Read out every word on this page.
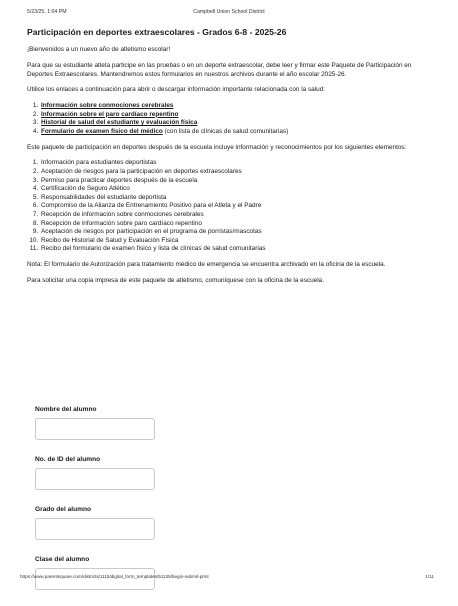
5/23/25, 1:04 PM	Campbell Union School District
Participación en deportes extraescolares - Grados 6-8 - 2025-26

¡Bienvenidos a un nuevo año de atletismo escolar!

Para que su estudiante atleta participe en las pruebas o en un deporte extraescolar, debe leer y firmar este Paquete de Participación en Deportes Extraescolares. Mantendremos estos formularios en nuestros archivos durante el año escolar 2025-26.

Utilice los enlaces a continuación para abrir o descargar información importante relacionada con la salud:

1. Información sobre conmociones cerebrales
2. Información sobre el paro cardíaco repentino
3. Historial de salud del estudiante y evaluación física
4. Formulario de examen físico del médico (con lista de clínicas de salud comunitarias)

Este paquete de participación en deportes después de la escuela incluye información y reconocimientos por los siguientes elementos:

1. Información para estudiantes deportistas
2. Aceptación de riesgos para la participación en deportes extraescolares
3. Permiso para practicar deportes después de la escuela
4. Certificación de Seguro Atlético
5. Responsabilidades del estudiante deportista
6. Compromiso de la Alianza de Entrenamiento Positivo para el Atleta y el Padre
7. Recepción de información sobre conmociones cerebrales
8. Recepción de información sobre paro cardíaco repentino
9. Aceptación de riesgos por participación en el programa de porristas/mascotas
10. Recibo de Historial de Salud y Evaluación Física
11. Recibo del formulario de examen físico y lista de clínicas de salud comunitarias

Nota: El formulario de Autorización para tratamiento médico de emergencia se encuentra archivado en la oficina de la escuela.

Para solicitar una copia impresa de este paquete de atletismo, comuníquese con la oficina de la escuela.

Nombre del alumno
No. de ID del alumno
Grado del alumno
Clase del alumno
https://www.parentsquare.com/districts/1115/digital_form_templates/51135/begin-submit-print	1/11
